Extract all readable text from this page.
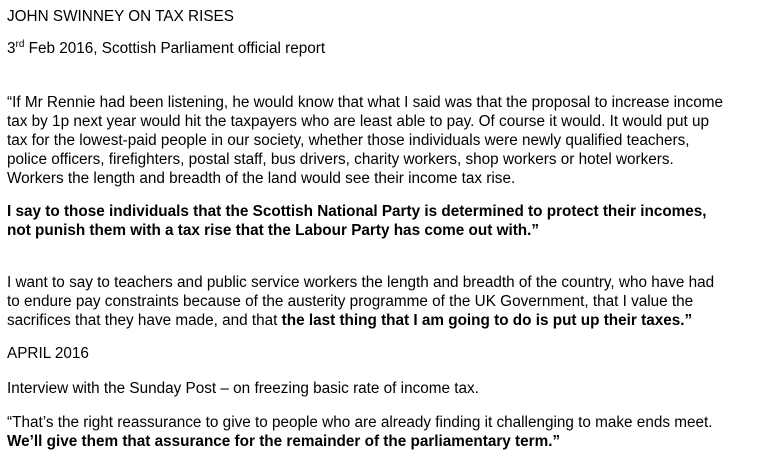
JOHN SWINNEY ON TAX RISES

3rd Feb 2016, Scottish Parliament official report

“If Mr Rennie had been listening, he would know that what I said was that the proposal to increase income

tax by 1p next year would hit the taxpayers who are least able to pay. Of course it would. It would put up

tax for the lowest-paid people in our society, whether those individuals were newly qualified teachers,

police officers, firefighters, postal staff, bus drivers, charity workers, shop workers or hotel workers.

Workers the length and breadth of the land would see their income tax rise.

I say to those individuals that the Scottish National Party is determined to protect their incomes,

not punish them with a tax rise that the Labour Party has come out with.”

I want to say to teachers and public service workers the length and breadth of the country, who have had

to endure pay constraints because of the austerity programme of the UK Government, that I value the

sacrifices that they have made, and that the last thing that I am going to do is put up their taxes.”

APRIL 2016

Interview with the Sunday Post – on freezing basic rate of income tax.

“That’s the right reassurance to give to people who are already finding it challenging to make ends meet.

We’ll give them that assurance for the remainder of the parliamentary term.”
